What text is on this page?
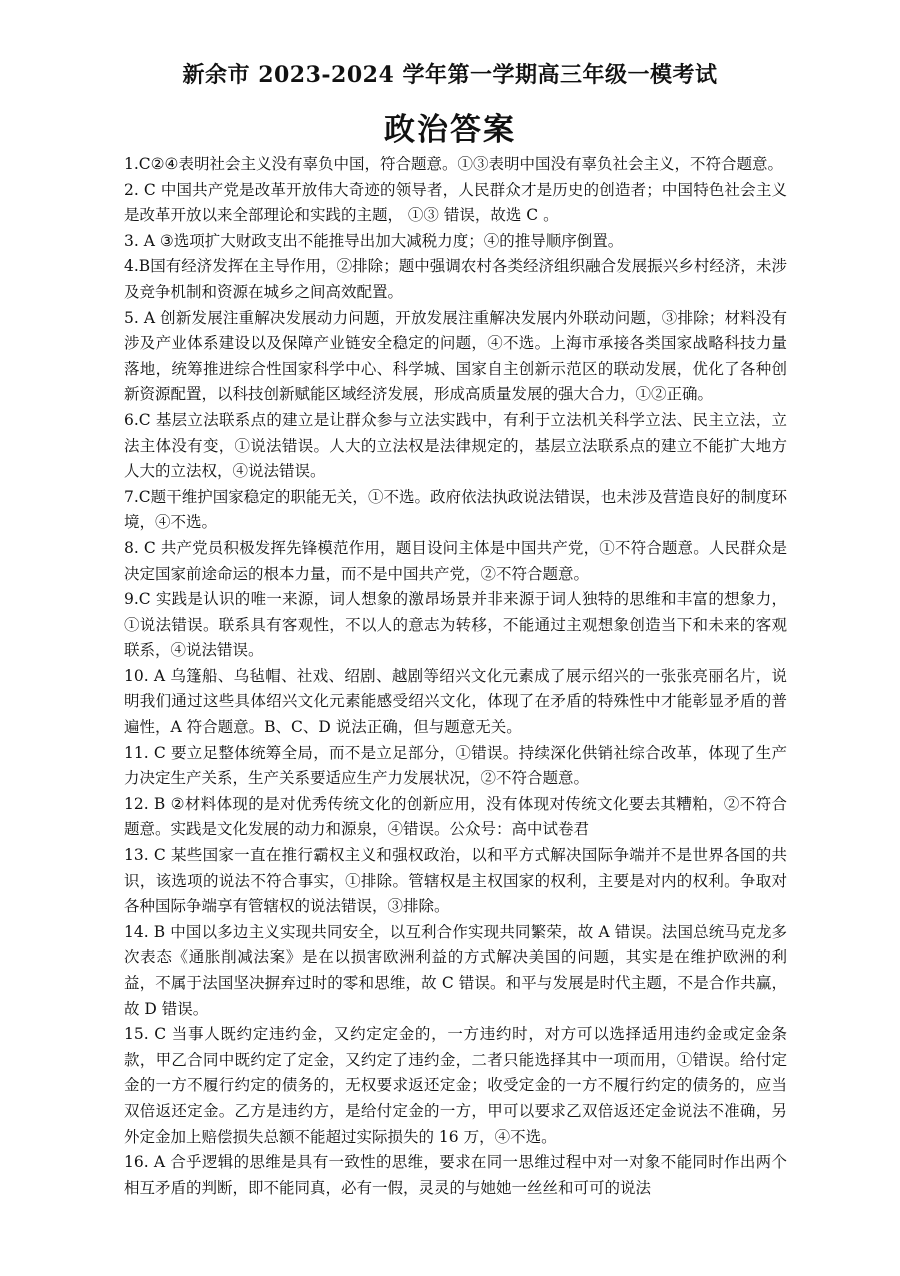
新余市 2023-2024 学年第一学期高三年级一模考试
政治答案

1.C②④表明社会主义没有辜负中国，符合题意。①③表明中国没有辜负社会主义，不符合题意。

2. C 中国共产党是改革开放伟大奇迹的领导者，人民群众才是历史的创造者；中国特色社会主义是改革开放以来全部理论和实践的主题， ①③ 错误，故选 C 。

3. A ③选项扩大财政支出不能推导出加大减税力度；④的推导顺序倒置。

4.B国有经济发挥在主导作用，②排除；题中强调农村各类经济组织融合发展振兴乡村经济，未涉及竞争机制和资源在城乡之间高效配置。

5. A 创新发展注重解决发展动力问题，开放发展注重解决发展内外联动问题，③排除；材料没有涉及产业体系建设以及保障产业链安全稳定的问题，④不选。上海市承接各类国家战略科技力量落地，统筹推进综合性国家科学中心、科学城、国家自主创新示范区的联动发展，优化了各种创新资源配置，以科技创新赋能区域经济发展，形成高质量发展的强大合力，①②正确。

6.C 基层立法联系点的建立是让群众参与立法实践中，有利于立法机关科学立法、民主立法，立法主体没有变，①说法错误。人大的立法权是法律规定的，基层立法联系点的建立不能扩大地方人大的立法权，④说法错误。

7.C题干维护国家稳定的职能无关，①不选。政府依法执政说法错误，也未涉及营造良好的制度环境，④不选。

8. C 共产党员积极发挥先锋模范作用，题目设问主体是中国共产党，①不符合题意。人民群众是决定国家前途命运的根本力量，而不是中国共产党，②不符合题意。

9.C 实践是认识的唯一来源，词人想象的激昂场景并非来源于词人独特的思维和丰富的想象力，①说法错误。联系具有客观性，不以人的意志为转移，不能通过主观想象创造当下和未来的客观联系，④说法错误。

10. A 乌篷船、乌毡帽、社戏、绍剧、越剧等绍兴文化元素成了展示绍兴的一张张亮丽名片，说明我们通过这些具体绍兴文化元素能感受绍兴文化，体现了在矛盾的特殊性中才能彰显矛盾的普遍性，A 符合题意。B、C、D 说法正确，但与题意无关。

11. C 要立足整体统筹全局，而不是立足部分，①错误。持续深化供销社综合改革，体现了生产力决定生产关系，生产关系要适应生产力发展状况，②不符合题意。

12. B ②材料体现的是对优秀传统文化的创新应用，没有体现对传统文化要去其糟粕，②不符合题意。实践是文化发展的动力和源泉，④错误。公众号：高中试卷君

13. C 某些国家一直在推行霸权主义和强权政治，以和平方式解决国际争端并不是世界各国的共识，该选项的说法不符合事实，①排除。管辖权是主权国家的权利，主要是对内的权利。争取对各种国际争端享有管辖权的说法错误，③排除。

14. B 中国以多边主义实现共同安全，以互利合作实现共同繁荣，故 A 错误。法国总统马克龙多次表态《通胀削减法案》是在以损害欧洲利益的方式解决美国的问题，其实是在维护欧洲的利益，不属于法国坚决摒弃过时的零和思维，故 C 错误。和平与发展是时代主题，不是合作共赢，故 D 错误。

15. C 当事人既约定违约金，又约定定金的，一方违约时，对方可以选择适用违约金或定金条款，甲乙合同中既约定了定金，又约定了违约金，二者只能选择其中一项而用，①错误。给付定金的一方不履行约定的债务的，无权要求返还定金；收受定金的一方不履行约定的债务的，应当双倍返还定金。乙方是违约方，是给付定金的一方，甲可以要求乙双倍返还定金说法不准确，另外定金加上赔偿损失总额不能超过实际损失的 16 万，④不选。

16. A 合乎逻辑的思维是具有一致性的思维，要求在同一思维过程中对一对象不能同时作出两个相互矛盾的判断，即不能同真，必有一假，灵灵的与她她一丝丝和可可的说法
